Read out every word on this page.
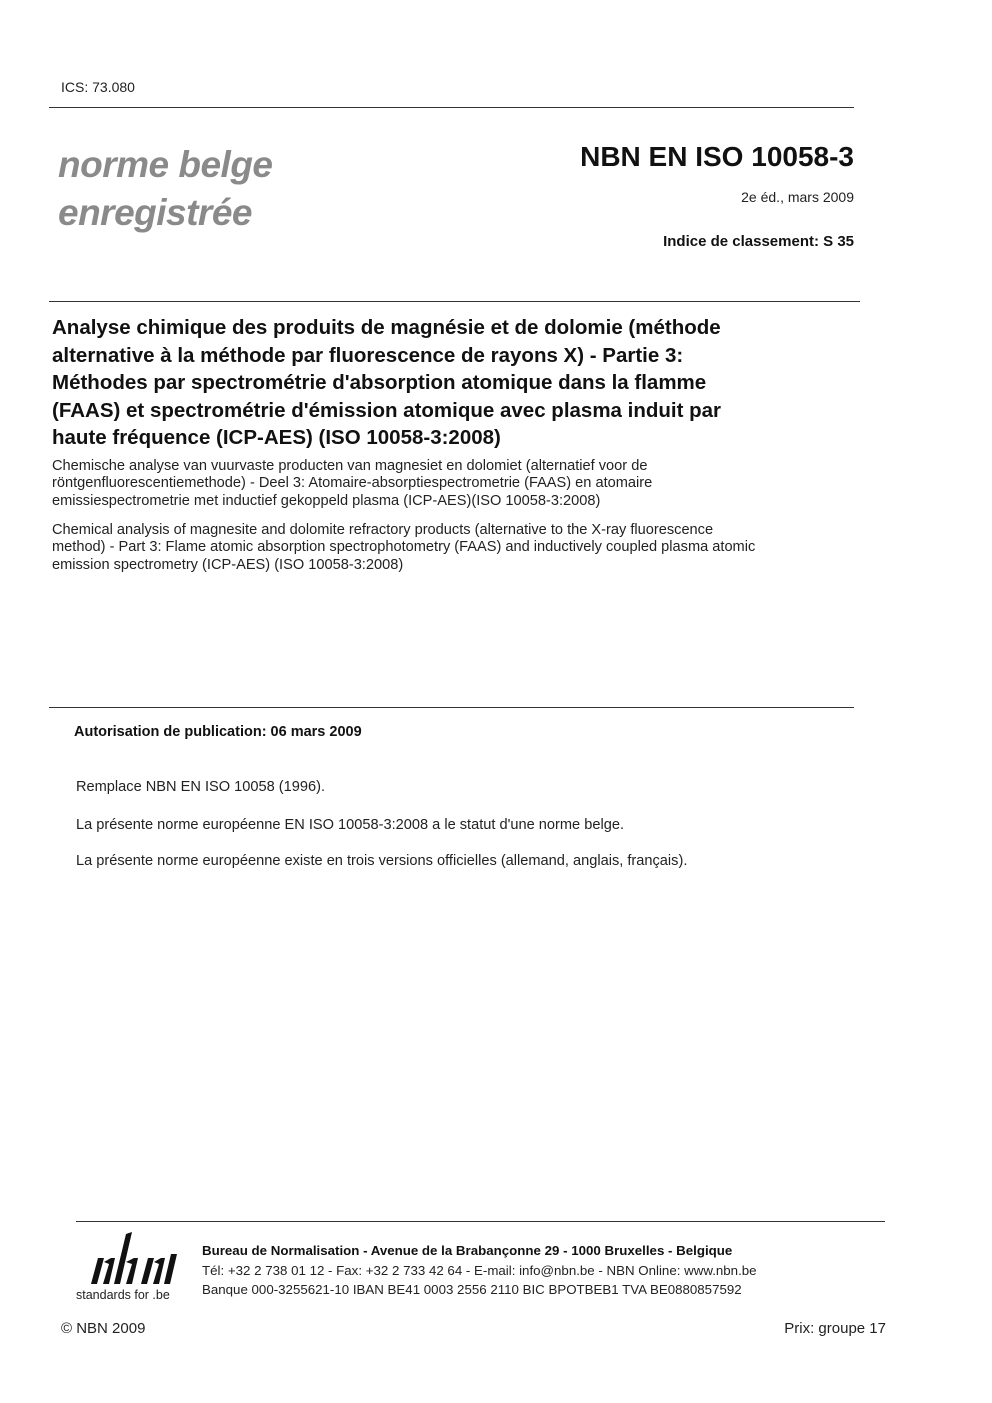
ICS: 73.080
norme belge
enregistrée
NBN EN ISO 10058-3
2e éd., mars 2009
Indice de classement: S 35
Analyse chimique des produits de magnésie et de dolomie (méthode
alternative à la méthode par fluorescence de rayons X) - Partie 3:
Méthodes par spectrométrie d'absorption atomique dans la flamme
(FAAS) et spectrométrie d'émission atomique avec plasma induit par
haute fréquence (ICP-AES) (ISO 10058-3:2008)
Chemische analyse van vuurvaste producten van magnesiet en dolomiet (alternatief voor de
röntgenfluorescentiemethode) - Deel 3: Atomaire-absorptiespectrometrie (FAAS) en atomaire
emissiespectrometrie met inductief gekoppeld plasma (ICP-AES)(ISO 10058-3:2008)
Chemical analysis of magnesite and dolomite refractory products (alternative to the X-ray fluorescence
method) - Part 3: Flame atomic absorption spectrophotometry (FAAS) and inductively coupled plasma atomic
emission spectrometry (ICP-AES) (ISO 10058-3:2008)
Autorisation de publication: 06 mars 2009
Remplace NBN EN ISO 10058 (1996).
La présente norme européenne EN ISO 10058-3:2008 a le statut d'une norme belge.
La présente norme européenne existe en trois versions officielles (allemand, anglais, français).
standards for .be
Bureau de Normalisation - Avenue de la Brabançonne 29 - 1000 Bruxelles - Belgique
Tél: +32 2 738 01 12 - Fax: +32 2 733 42 64 - E-mail: info@nbn.be - NBN Online: www.nbn.be
Banque 000-3255621-10 IBAN BE41 0003 2556 2110 BIC BPOTBEB1 TVA BE0880857592
© NBN 2009	Prix: groupe 17
